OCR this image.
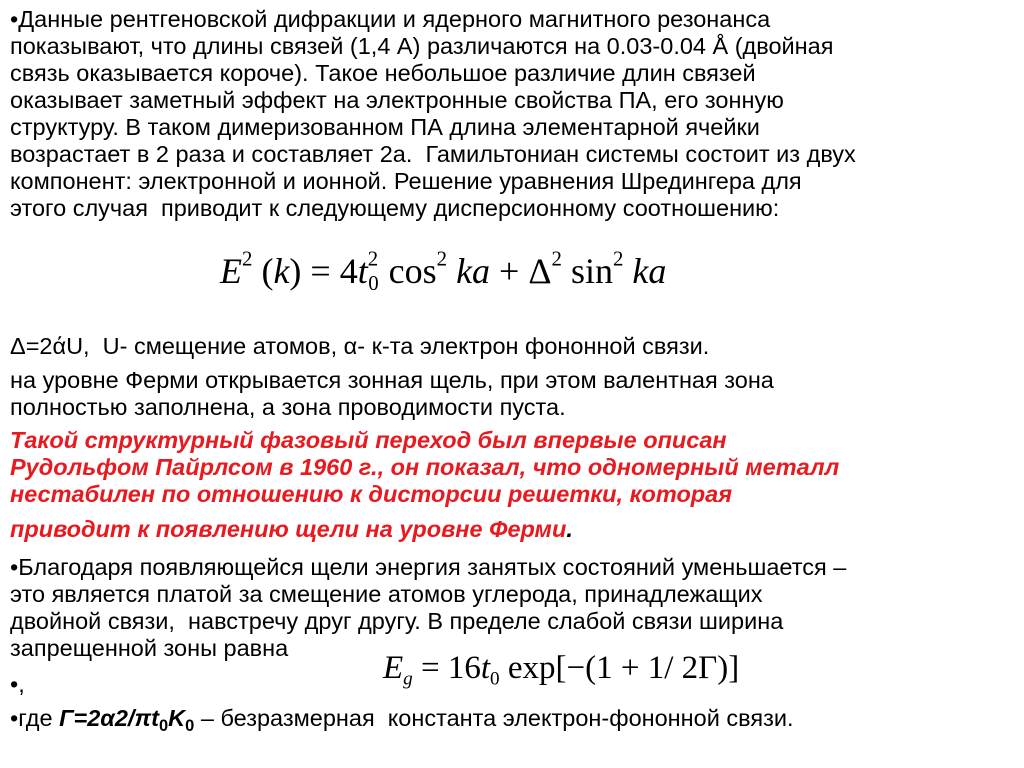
•Данные рентгеновской дифракции и ядерного магнитного резонанса
показывают, что длины связей (1,4 А) различаются на 0.03-0.04 Å (двойная
связь оказывается короче). Такое небольшое различие длин связей
оказывает заметный эффект на электронные свойства ПА, его зонную
структуру. В таком димеризованном ПА длина элементарной ячейки
возрастает в 2 раза и составляет 2а.  Гамильтониан системы состоит из двух
компонент: электронной и ионной. Решение уравнения Шредингера для
этого случая  приводит к следующему дисперсионному соотношению:

$E^2$ $(k) = 4t^2_0$ $\cos^2$ ka + $\Delta^2$ $\sin^2$ ka

Δ=2άU,  U- смещение атомов, α- к-та электрон фононной связи.

на уровне Ферми открывается зонная щель, при этом валентная зона
полностью заполнена, а зона проводимости пуста.

Такой структурный фазовый переход был впервые описан
Рудольфом Пайрлсом в 1960 г., он показал, что одномерный металл
нестабилен по отношению к дисторсии решетки, которая

приводит к появлению щели на уровне Ферми.

•Благодаря появляющейся щели энергия занятых состояний уменьшается –
это является платой за смещение атомов углерода, принадлежащих
двойной связи,  навстречу друг другу. В пределе слабой связи ширина
запрещенной зоны равна

•,	$E_g = 16t_0$ exp[−(1 + 1/ 2Γ)]

•где $Г=2\alpha 2/\pi t_0K_0$ – безразмерная  константа электрон-фононной связи.
